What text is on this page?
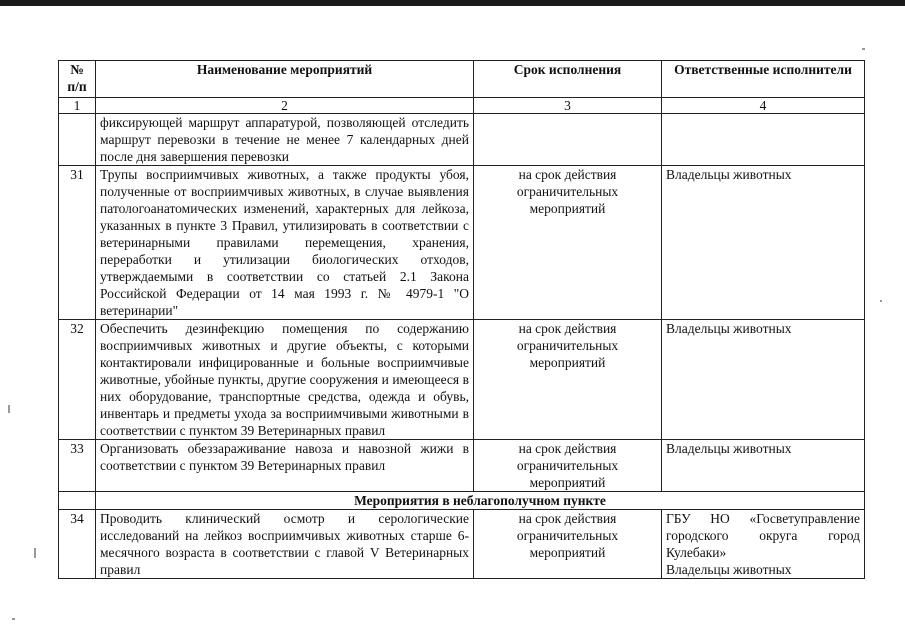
№ п/п	Наименование мероприятий	Срок исполнения	Ответственные исполнители
1	2	3	4
	фиксирующей маршрут аппаратурой, позволяющей отследить маршрут перевозки в течение не менее 7 календарных дней после дня завершения перевозки		
31	Трупы восприимчивых животных, а также продукты убоя, полученные от восприимчивых животных, в случае выявления патологоанатомических изменений, характерных для лейкоза, указанных в пункте 3 Правил, утилизировать в соответствии с ветеринарными правилами перемещения, хранения, переработки и утилизации биологических отходов, утверждаемыми в соответствии со статьей 2.1 Закона Российской Федерации от 14 мая 1993 г. № 4979-1 "О ветеринарии"	на срок действия ограничительных мероприятий	Владельцы животных
32	Обеспечить дезинфекцию помещения по содержанию восприимчивых животных и другие объекты, с которыми контактировали инфицированные и больные восприимчивые животные, убойные пункты, другие сооружения и имеющееся в них оборудование, транспортные средства, одежда и обувь, инвентарь и предметы ухода за восприимчивыми животными в соответствии с пунктом 39 Ветеринарных правил	на срок действия ограничительных мероприятий	Владельцы животных
33	Организовать обеззараживание навоза и навозной жижи в соответствии с пунктом 39 Ветеринарных правил	на срок действия ограничительных мероприятий	Владельцы животных
	Мероприятия в неблагополучном пункте		
34	Проводить клинический осмотр и серологические исследований на лейкоз восприимчивых животных старше 6-месячного возраста в соответствии с главой V Ветеринарных правил	на срок действия ограничительных мероприятий	ГБУ НО «Госветуправление городского округа город Кулебаки»
Владельцы животных
